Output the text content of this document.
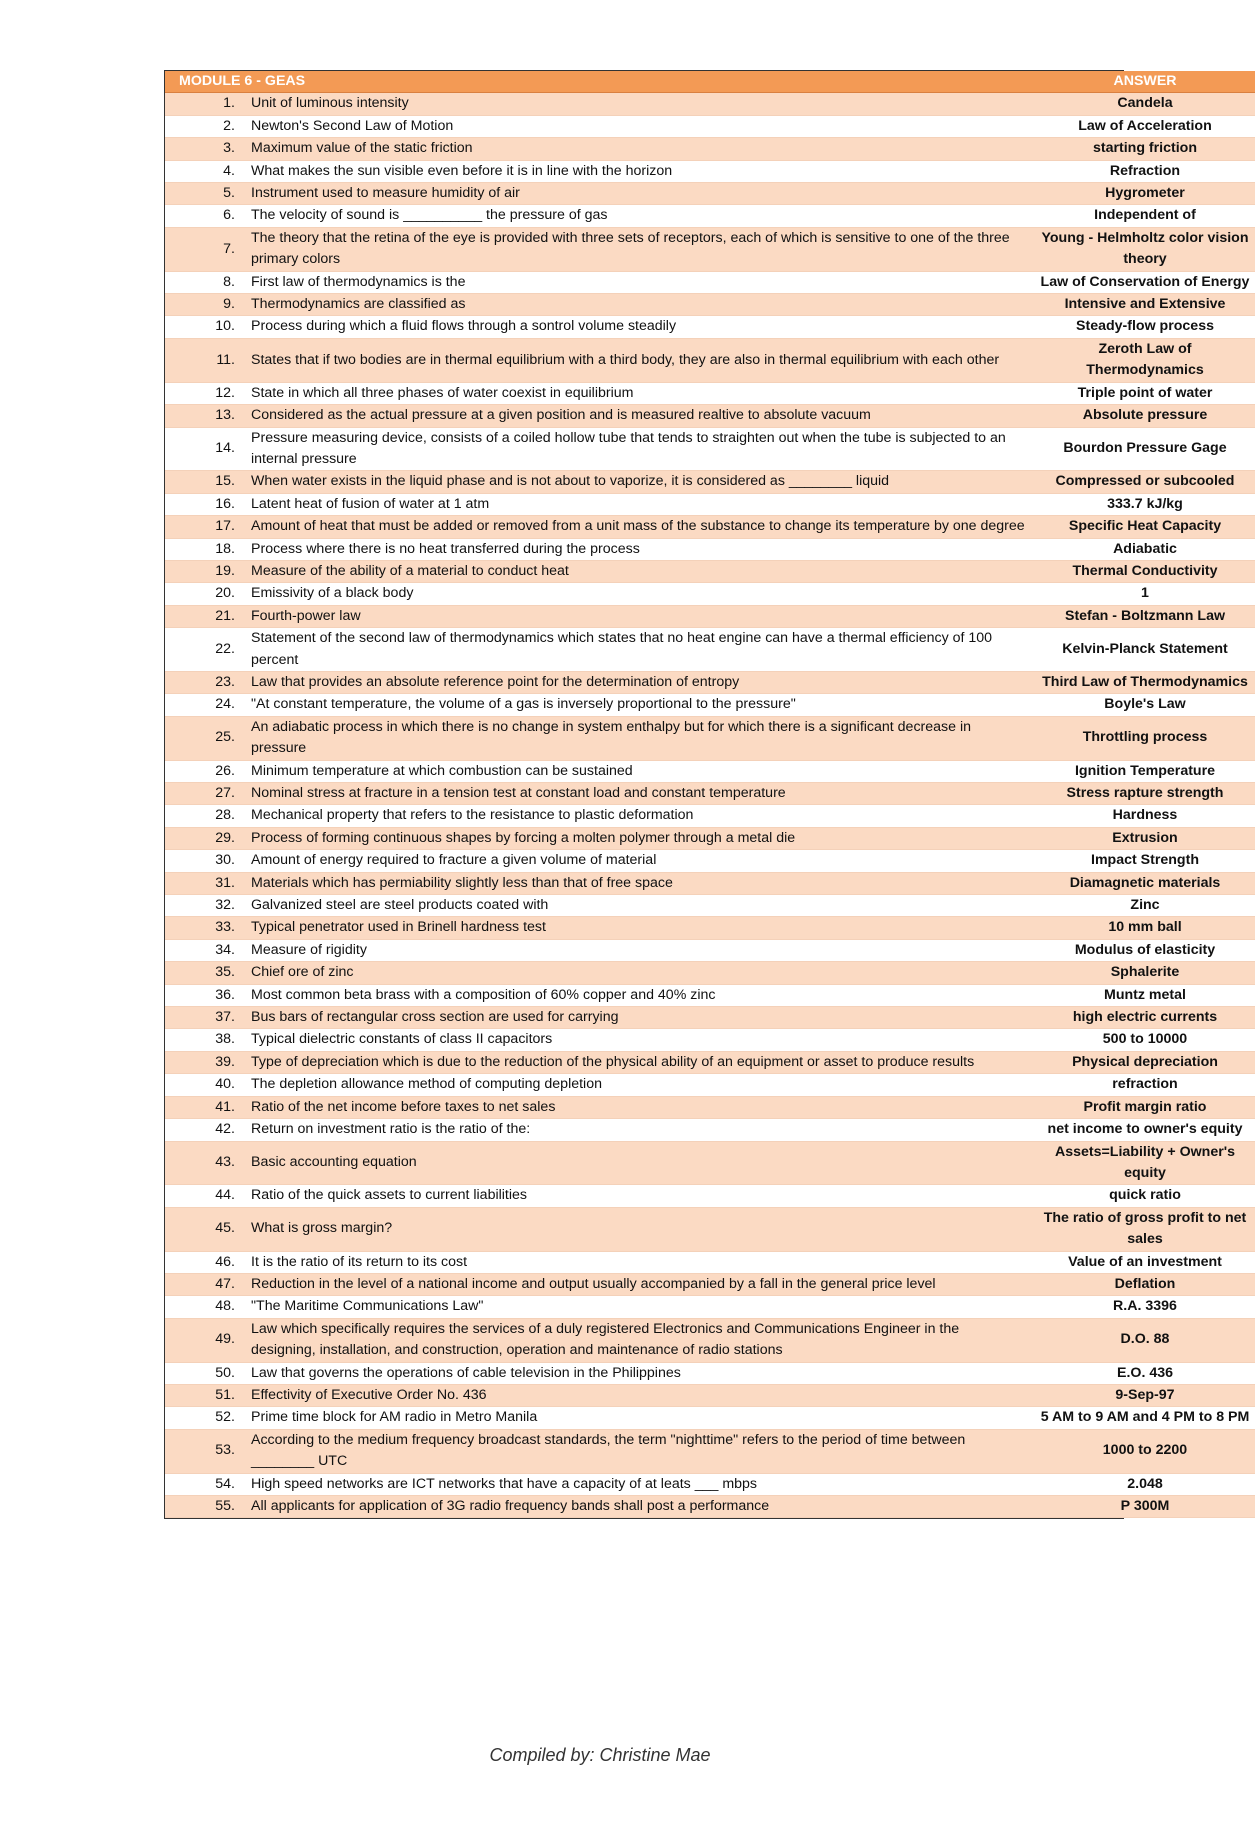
MODULE 6 - GEAS		ANSWER
1.	Unit of luminous intensity	Candela
2.	Newton's Second Law of Motion	Law of Acceleration
3.	Maximum value of the static friction	starting friction
4.	What makes the sun visible even before it is in line with the horizon	Refraction
5.	Instrument used to measure humidity of air	Hygrometer
6.	The velocity of sound is __________ the pressure of gas	Independent of
7.	The theory that the retina of the eye is provided with three sets of receptors, each of which is sensitive to one of the three primary colors	Young - Helmholtz color vision theory
8.	First law of thermodynamics is the	Law of Conservation of Energy
9.	Thermodynamics are classified as	Intensive and Extensive
10.	Process during which a fluid flows through a sontrol volume steadily	Steady-flow process
11.	States that if two bodies are in thermal equilibrium with a third body, they are also in thermal equilibrium with each other	Zeroth Law of Thermodynamics
12.	State in which all three phases of water coexist in equilibrium	Triple point of water
13.	Considered as the actual pressure at a given position and is measured realtive to absolute vacuum	Absolute pressure
14.	Pressure measuring device, consists of a coiled hollow tube that tends to straighten out when the tube is subjected to an internal pressure	Bourdon Pressure Gage
15.	When water exists in the liquid phase and is not about to vaporize, it is considered as ________ liquid	Compressed or subcooled
16.	Latent heat of fusion of water at 1 atm	333.7 kJ/kg
17.	Amount of heat that must be added or removed from a unit mass of the substance to change its temperature by one degree	Specific Heat Capacity
18.	Process where there is no heat transferred during the process	Adiabatic
19.	Measure of the ability of a material to conduct heat	Thermal Conductivity
20.	Emissivity of a black body	1
21.	Fourth-power law	Stefan - Boltzmann Law
22.	Statement of the second law of thermodynamics which states that no heat engine can have a thermal efficiency of 100 percent	Kelvin-Planck Statement
23.	Law that provides an absolute reference point for the determination of entropy	Third Law of Thermodynamics
24.	"At constant temperature, the volume of a gas is inversely proportional to the pressure"	Boyle's Law
25.	An adiabatic process in which there is no change in system enthalpy but for which there is a significant decrease in pressure	Throttling process
26.	Minimum temperature at which combustion can be sustained	Ignition Temperature
27.	Nominal stress at fracture in a tension test at constant load and constant temperature	Stress rapture strength
28.	Mechanical property that refers to the resistance to plastic deformation	Hardness
29.	Process of forming continuous shapes by forcing a molten polymer through a metal die	Extrusion
30.	Amount of energy required to fracture a given volume of material	Impact Strength
31.	Materials which has permiability slightly less than that of free space	Diamagnetic materials
32.	Galvanized steel are steel products coated with	Zinc
33.	Typical penetrator used in Brinell hardness test	10 mm ball
34.	Measure of rigidity	Modulus of elasticity
35.	Chief ore of zinc	Sphalerite
36.	Most common beta brass with a composition of 60% copper and 40% zinc	Muntz metal
37.	Bus bars of rectangular cross section are used for carrying	high electric currents
38.	Typical dielectric constants of class II capacitors	500 to 10000
39.	Type of depreciation which is due to the reduction of the physical ability of an equipment or asset to produce results	Physical depreciation
40.	The depletion allowance method of computing depletion	refraction
41.	Ratio of the net income before taxes to net sales	Profit margin ratio
42.	Return on investment ratio is the ratio of the:	net income to owner's equity
43.	Basic accounting equation	Assets=Liability + Owner's equity
44.	Ratio of the quick assets to current liabilities	quick ratio
45.	What is gross margin?	The ratio of gross profit to net sales
46.	It is the ratio of its return to its cost	Value of an investment
47.	Reduction in the level of a national income and output usually accompanied by a fall in the general price level	Deflation
48.	"The Maritime Communications Law"	R.A. 3396
49.	Law which specifically requires the services of a duly registered Electronics and Communications Engineer in the designing, installation, and construction, operation and maintenance of radio stations	D.O. 88
50.	Law that governs the operations of cable television in the Philippines	E.O. 436
51.	Effectivity of Executive Order No. 436	9-Sep-97
52.	Prime time block for AM radio in Metro Manila	5 AM to 9 AM and 4 PM to 8 PM
53.	According to the medium frequency broadcast standards, the term "nighttime" refers to the period of time between ________ UTC	1000 to 2200
54.	High speed networks are ICT networks that have a capacity of at leats ___ mbps	2.048
55.	All applicants for application of 3G radio frequency bands shall post a performance	P 300M
Compiled by: Christine Mae
